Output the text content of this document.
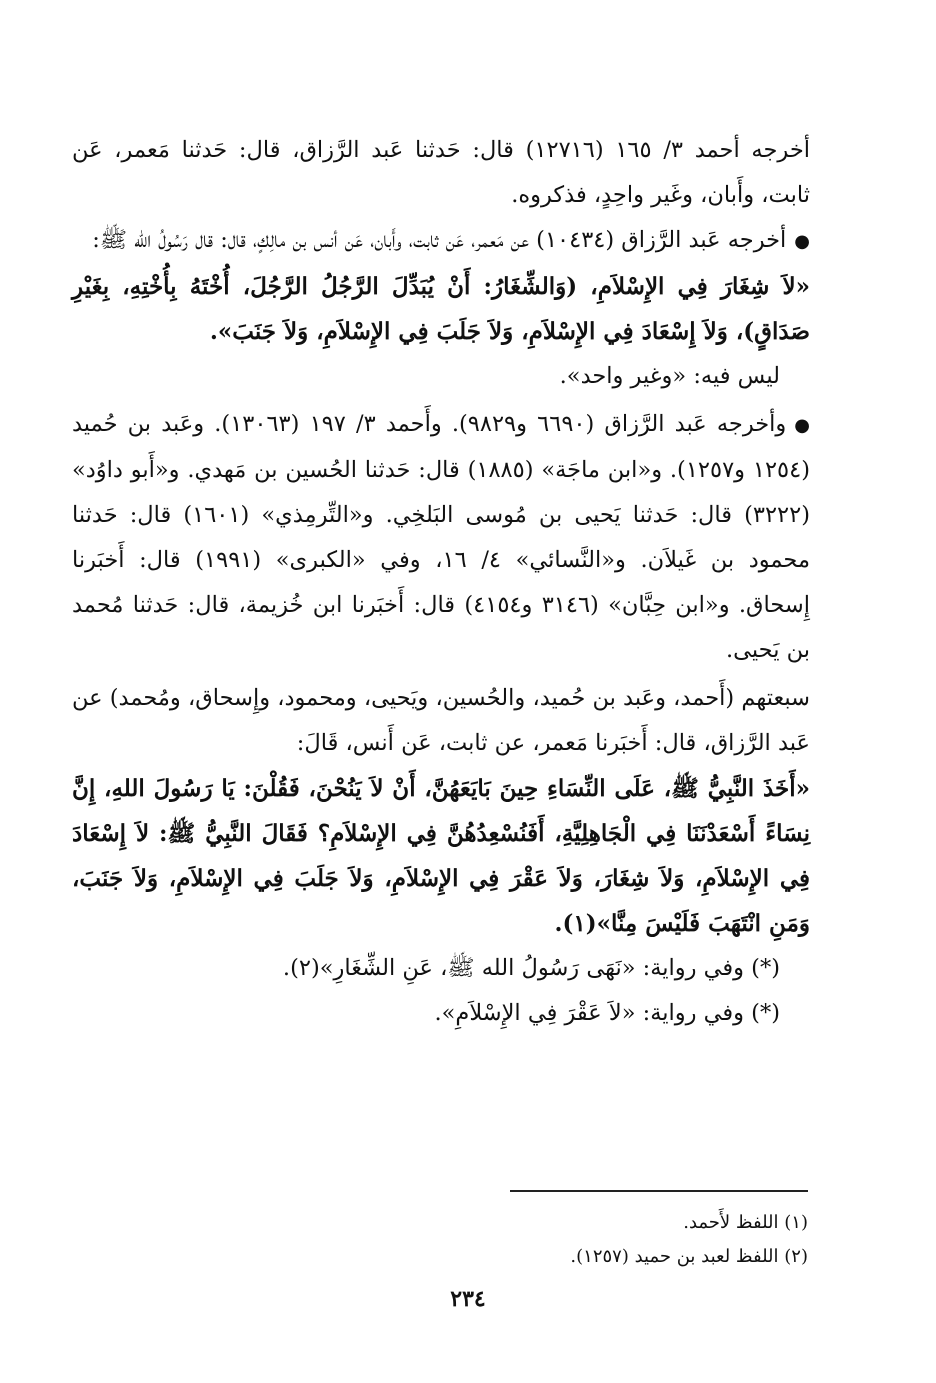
أخرجه أحمد ٣/ ١٦٥ (١٢٧١٦) قال: حَدثنا عَبد الرَّزاق، قال: حَدثنا مَعمر، عَن ثابت، وأَبان، وغَير واحِدٍ، فذكروه.

●أخرجه عَبد الرَّزاق (١٠٤٣٤) عن مَعمر، عَن ثابت، وأَبان، عَن أنس بن مالِكٍ، قال: قال رَسُولُ الله ﷺ:

«لاَ شِغَارَ فِي الإِسْلاَمِ، (وَالشِّغَارُ: أَنْ يُبَدِّلَ الرَّجُلُ الرَّجُلَ، أُخْتَهُ بِأُخْتِهِ، بِغَيْرِ صَدَاقٍ)، وَلاَ إِسْعَادَ فِي الإِسْلاَمِ، وَلاَ جَلَبَ فِي الإِسْلاَمِ، وَلاَ جَنَبَ».

ليس فيه: «وغير واحد».

●وأخرجه عَبد الرَّزاق (٦٦٩٠ و٩٨٢٩). وأَحمد ٣/ ١٩٧ (١٣٠٦٣). وعَبد بن حُميد (١٢٥٤ و١٢٥٧). و«ابن ماجَة» (١٨٨٥) قال: حَدثنا الحُسين بن مَهدي. و«أَبو داوُد» (٣٢٢٢) قال: حَدثنا يَحيى بن مُوسى البَلخِي. و«التِّرمِذي» (١٦٠١) قال: حَدثنا محمود بن غَيلاَن. و«النَّسائي» ٤/ ١٦، وفي «الكبرى» (١٩٩١) قال: أَخبَرنا إِسحاق. و«ابن حِبَّان» (٣١٤٦ و٤١٥٤) قال: أَخبَرنا ابن خُزيمة، قال: حَدثنا مُحمد بن يَحيى.

سبعتهم (أَحمد، وعَبد بن حُميد، والحُسين، ويَحيى، ومحمود، وإِسحاق، ومُحمد) عن عَبد الرَّزاق، قال: أَخبَرنا مَعمر، عن ثابت، عَن أَنس، قَالَ:

«أَخَذَ النَّبِيُّ ﷺ، عَلَى النِّسَاءِ حِينَ بَايَعَهُنَّ، أَنْ لاَ يَنُحْنَ، فَقُلْنَ: يَا رَسُولَ اللهِ، إِنَّ نِسَاءً أَسْعَدْنَنَا فِي الْجَاهِلِيَّةِ، أَفَنُسْعِدُهُنَّ فِي الإِسْلاَمِ؟ فَقَالَ النَّبِيُّ ﷺ: لاَ إِسْعَادَ فِي الإِسْلاَمِ، وَلاَ شِغَارَ، وَلاَ عَقْرَ فِي الإِسْلاَمِ، وَلاَ جَلَبَ فِي الإِسْلاَمِ، وَلاَ جَنَبَ، وَمَنِ انْتَهَبَ فَلَيْسَ مِنَّا»(١).

(*) وفي رواية: «نَهَى رَسُولُ الله ﷺ، عَنِ الشِّغَارِ»(٢).

(*) وفي رواية: «لاَ عَقْرَ فِي الإِسْلاَمِ».

(١) اللفظ لأَحمد.

(٢) اللفظ لعبد بن حميد (١٢٥٧).

٢٣٤
